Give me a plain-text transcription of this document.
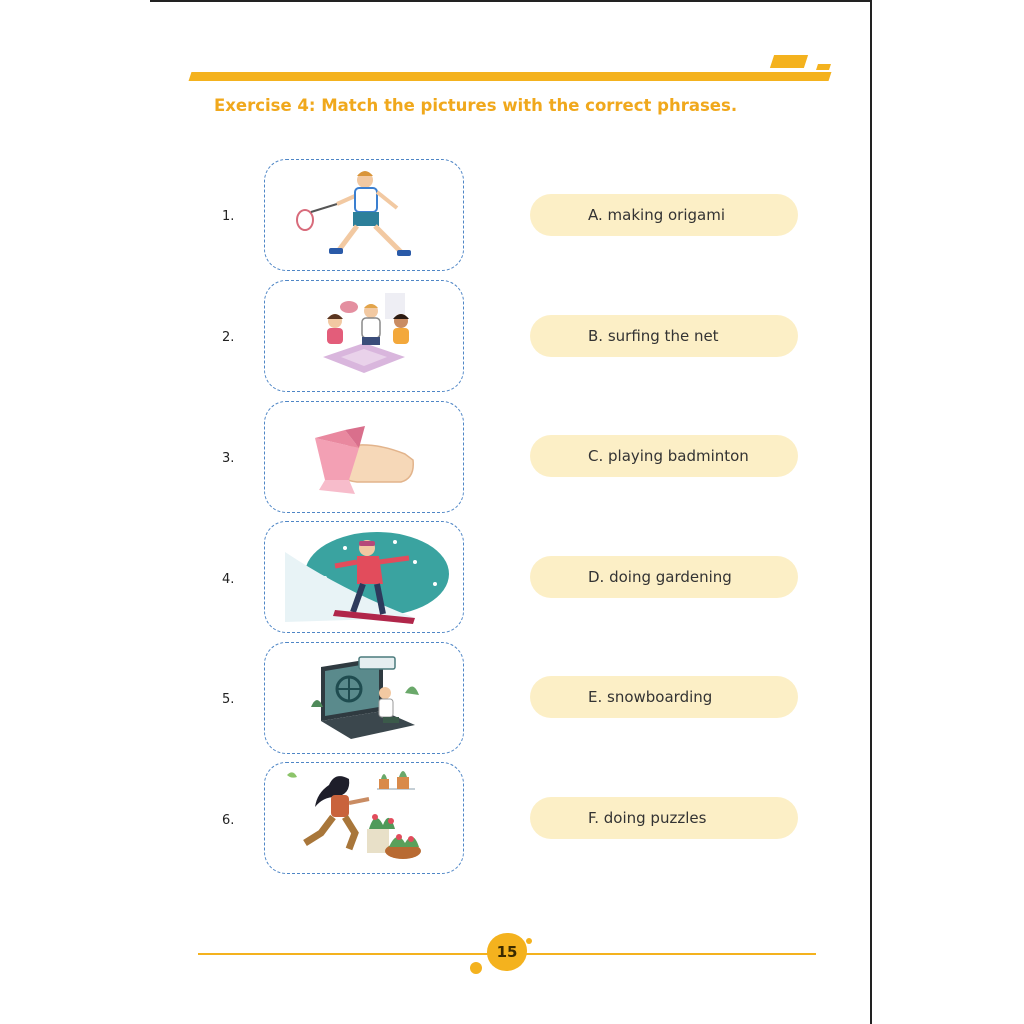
Exercise 4: Match the pictures with the correct phrases.
1.	A. making origami
2.	B. surfing the net
3.	C. playing badminton
4.	D. doing gardening
5.	E. snowboarding
6.	F. doing puzzles
15
